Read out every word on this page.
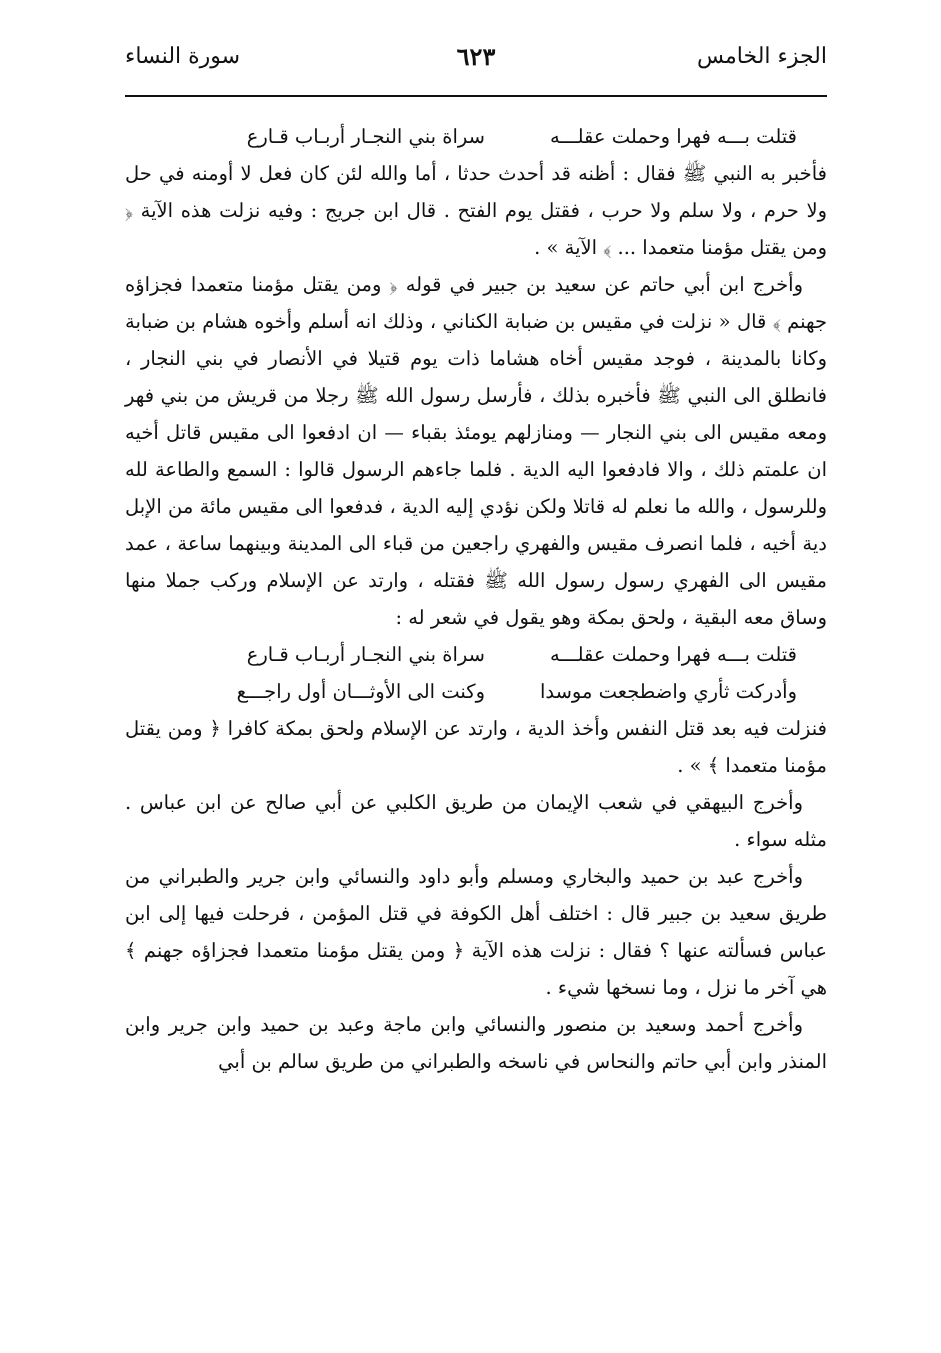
الجزء الخامس
٦٢٣
سورة النساء
قتلت بـــه فهرا وحملت عقلـــه
سراة بني النجـار أربـاب قـارع

فأخبر به النبي ﷺ فقال : أظنه قد أحدث حدثا ، أما والله لئن كان فعل لا أومنه في حل ولا حرم ، ولا سلم ولا حرب ، فقتل يوم الفتح . قال ابن جريج : وفيه نزلت هذه الآية ﴿ ومن يقتل مؤمنا متعمدا ... ﴾ الآية » .

وأخرج ابن أبي حاتم عن سعيد بن جبير في قوله ﴿ ومن يقتل مؤمنا متعمدا فجزاؤه جهنم ﴾ قال « نزلت في مقيس بن ضبابة الكناني ، وذلك انه أسلم وأخوه هشام بن ضبابة وكانا بالمدينة ، فوجد مقيس أخاه هشاما ذات يوم قتيلا في الأنصار في بني النجار ، فانطلق الى النبي ﷺ فأخبره بذلك ، فأرسل رسول الله ﷺ رجلا من قريش من بني فهر ومعه مقيس الى بني النجار — ومنازلهم يومئذ بقباء — ان ادفعوا الى مقيس قاتل أخيه ان علمتم ذلك ، والا فادفعوا اليه الدية . فلما جاءهم الرسول قالوا : السمع والطاعة لله وللرسول ، والله ما نعلم له قاتلا ولكن نؤدي إليه الدية ، فدفعوا الى مقيس مائة من الإبل دية أخيه ، فلما انصرف مقيس والفهري راجعين من قباء الى المدينة وبينهما ساعة ، عمد مقيس الى الفهري رسول رسول الله ﷺ فقتله ، وارتد عن الإسلام وركب جملا منها وساق معه البقية ، ولحق بمكة وهو يقول في شعر له :

قتلت بـــه فهرا وحملت عقلـــه
سراة بني النجـار أربـاب قـارع
وأدركت ثأري واضطجعت موسدا
وكنت الى الأوثـــان أول راجـــع

فنزلت فيه بعد قتل النفس وأخذ الدية ، وارتد عن الإسلام ولحق بمكة كافرا ﴿ ومن يقتل مؤمنا متعمدا ﴾ » .

وأخرج البيهقي في شعب الإيمان من طريق الكلبي عن أبي صالح عن ابن عباس . مثله سواء .

وأخرج عبد بن حميد والبخاري ومسلم وأبو داود والنسائي وابن جرير والطبراني من طريق سعيد بن جبير قال : اختلف أهل الكوفة في قتل المؤمن ، فرحلت فيها إلى ابن عباس فسألته عنها ؟ فقال : نزلت هذه الآية ﴿ ومن يقتل مؤمنا متعمدا فجزاؤه جهنم ﴾ هي آخر ما نزل ، وما نسخها شيء .

وأخرج أحمد وسعيد بن منصور والنسائي وابن ماجة وعبد بن حميد وابن جرير وابن المنذر وابن أبي حاتم والنحاس في ناسخه والطبراني من طريق سالم بن أبي
